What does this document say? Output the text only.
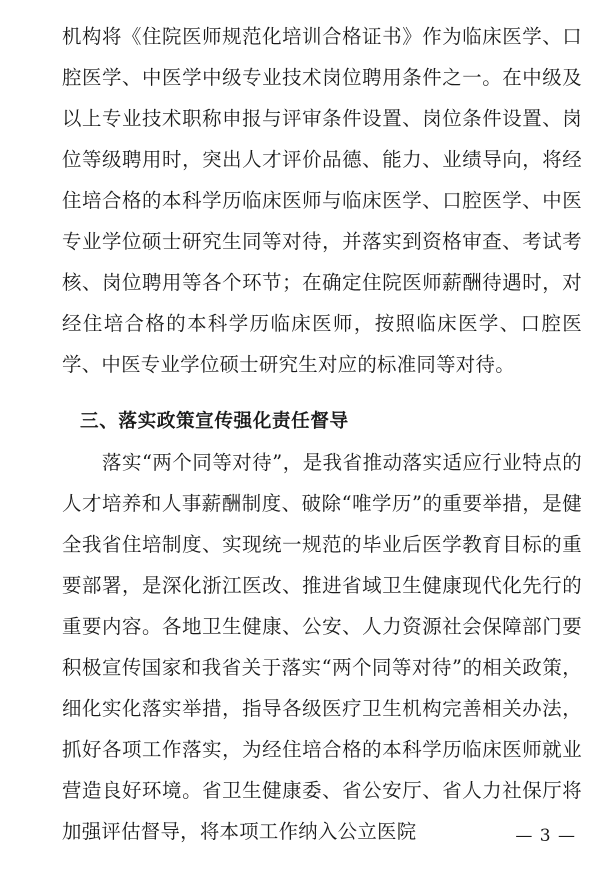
机构将《住院医师规范化培训合格证书》作为临床医学、口腔医学、中医学中级专业技术岗位聘用条件之一。在中级及以上专业技术职称申报与评审条件设置、岗位条件设置、岗位等级聘用时，突出人才评价品德、能力、业绩导向，将经住培合格的本科学历临床医师与临床医学、口腔医学、中医专业学位硕士研究生同等对待，并落实到资格审查、考试考核、岗位聘用等各个环节；在确定住院医师薪酬待遇时，对经住培合格的本科学历临床医师，按照临床医学、口腔医学、中医专业学位硕士研究生对应的标准同等对待。

三、落实政策宣传强化责任督导

落实“两个同等对待”，是我省推动落实适应行业特点的人才培养和人事薪酬制度、破除“唯学历”的重要举措，是健全我省住培制度、实现统一规范的毕业后医学教育目标的重要部署，是深化浙江医改、推进省域卫生健康现代化先行的重要内容。各地卫生健康、公安、人力资源社会保障部门要积极宣传国家和我省关于落实“两个同等对待”的相关政策，细化实化落实举措，指导各级医疗卫生机构完善相关办法，抓好各项工作落实，为经住培合格的本科学历临床医师就业营造良好环境。省卫生健康委、省公安厅、省人力社保厅将加强评估督导，将本项工作纳入公立医院	— 3 —
